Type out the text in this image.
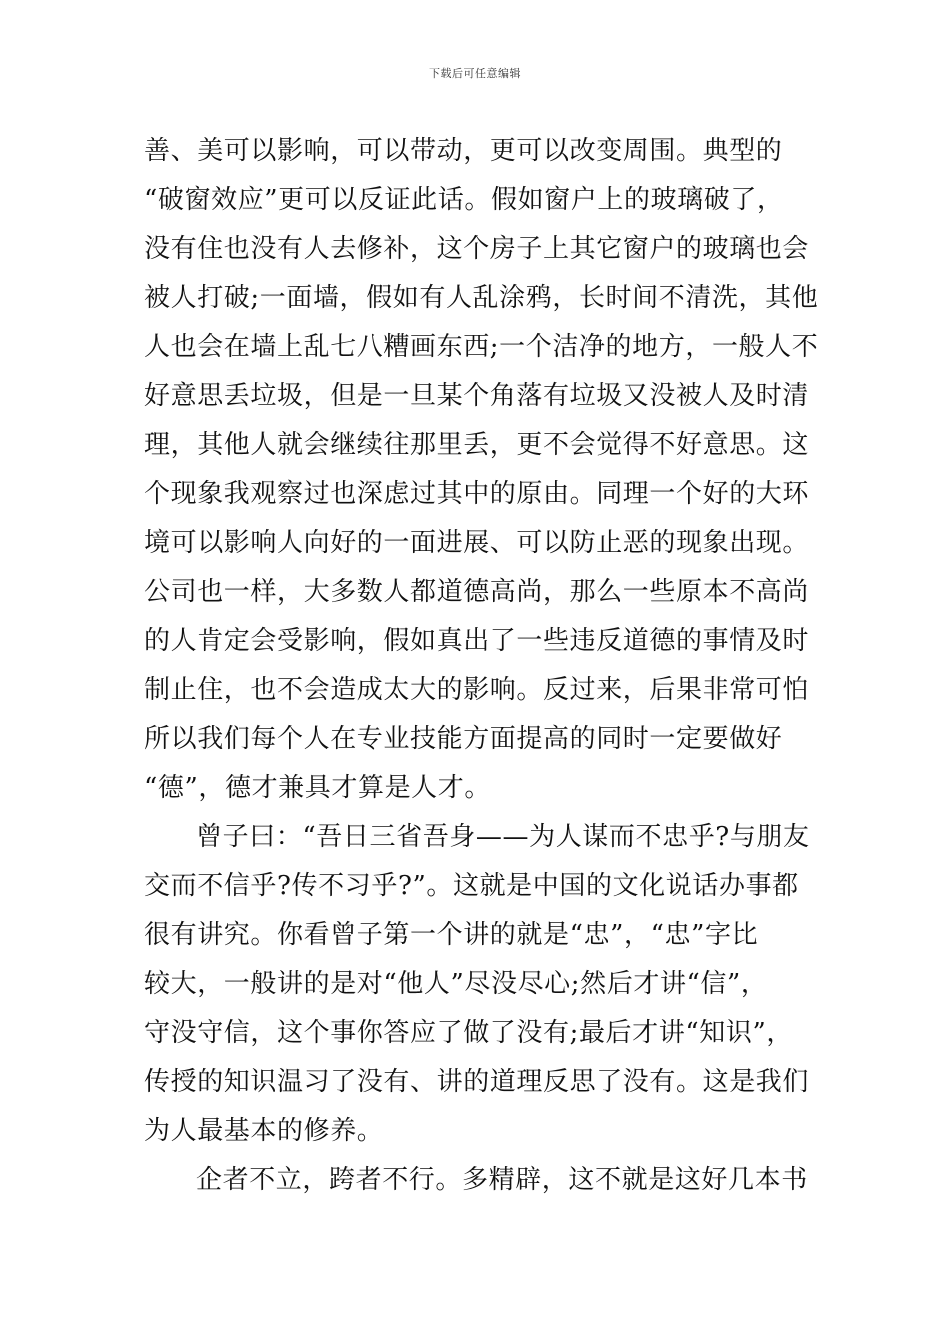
下载后可任意编辑
善、美可以影响，可以带动，更可以改变周围。典型的
“破窗效应”更可以反证此话。假如窗户上的玻璃破了，
没有住也没有人去修补，这个房子上其它窗户的玻璃也会
被人打破;一面墙，假如有人乱涂鸦，长时间不清洗，其他
人也会在墙上乱七八糟画东西;一个洁净的地方，一般人不
好意思丢垃圾，但是一旦某个角落有垃圾又没被人及时清
理，其他人就会继续往那里丢，更不会觉得不好意思。这
个现象我观察过也深虑过其中的原由。同理一个好的大环
境可以影响人向好的一面进展、可以防止恶的现象出现。
公司也一样，大多数人都道德高尚，那么一些原本不高尚
的人肯定会受影响，假如真出了一些违反道德的事情及时
制止住，也不会造成太大的影响。反过来，后果非常可怕
所以我们每个人在专业技能方面提高的同时一定要做好
“德”，德才兼具才算是人才。
曾子曰：“吾日三省吾身——为人谋而不忠乎?与朋友
交而不信乎?传不习乎?”。这就是中国的文化说话办事都
很有讲究。你看曾子第一个讲的就是“忠”，“忠”字比
较大，一般讲的是对“他人”尽没尽心;然后才讲“信”，
守没守信，这个事你答应了做了没有;最后才讲“知识”，
传授的知识温习了没有、讲的道理反思了没有。这是我们
为人最基本的修养。
企者不立，跨者不行。多精辟，这不就是这好几本书
